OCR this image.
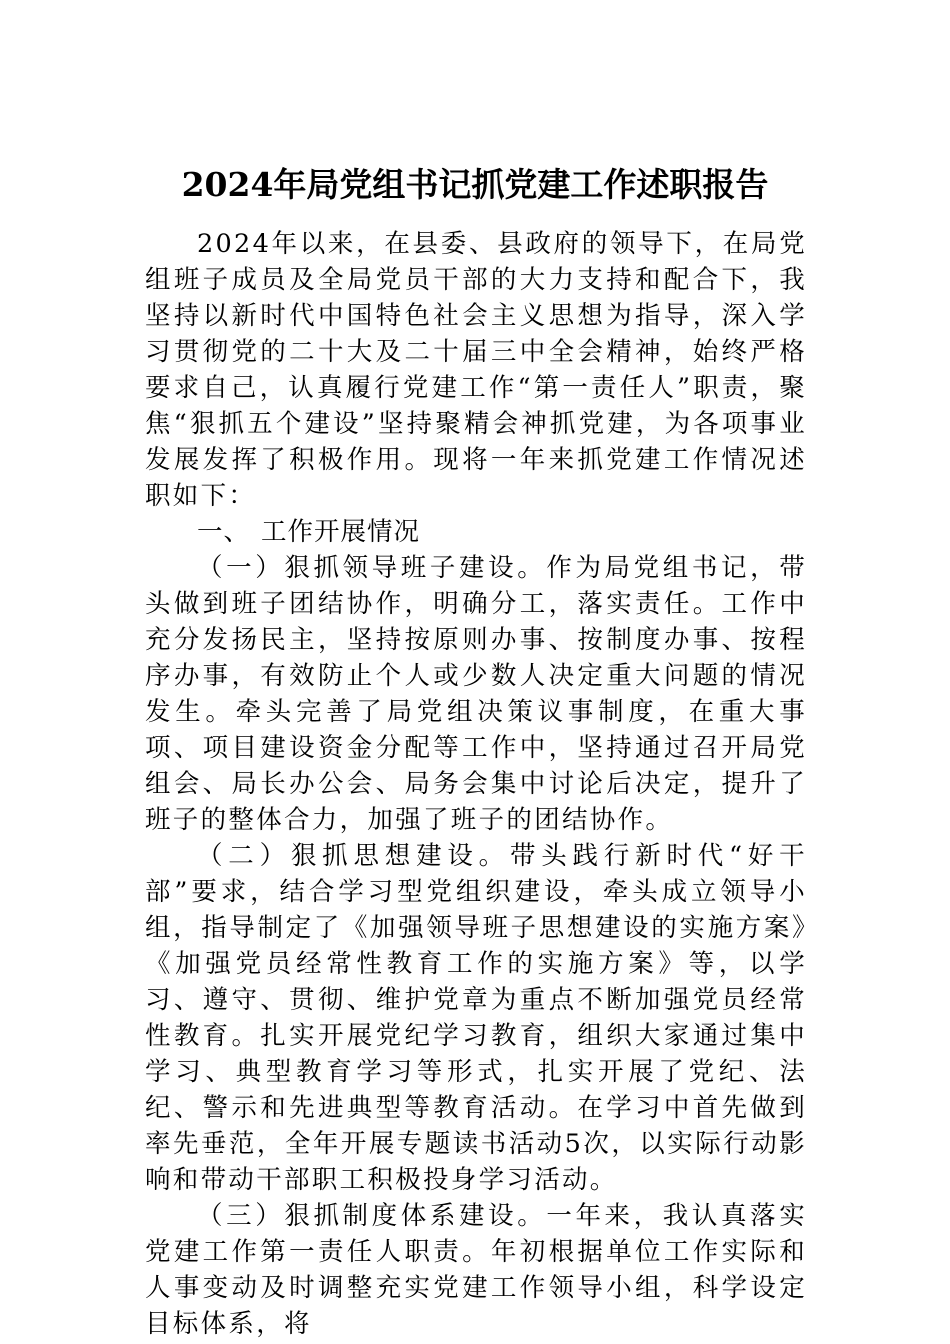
2024年局党组书记抓党建工作述职报告

2024年以来，在县委、县政府的领导下，在局党组班子成员及全局党员干部的大力支持和配合下，我坚持以新时代中国特色社会主义思想为指导，深入学习贯彻党的二十大及二十届三中全会精神，始终严格要求自己，认真履行党建工作“第一责任人”职责，聚焦“狠抓五个建设”坚持聚精会神抓党建，为各项事业发展发挥了积极作用。现将一年来抓党建工作情况述职如下：

一、 工作开展情况

（一）狠抓领导班子建设。作为局党组书记，带头做到班子团结协作，明确分工，落实责任。工作中充分发扬民主，坚持按原则办事、按制度办事、按程序办事，有效防止个人或少数人决定重大问题的情况发生。牵头完善了局党组决策议事制度，在重大事项、项目建设资金分配等工作中，坚持通过召开局党组会、局长办公会、局务会集中讨论后决定，提升了班子的整体合力，加强了班子的团结协作。

（二）狠抓思想建设。带头践行新时代“好干部”要求，结合学习型党组织建设，牵头成立领导小组，指导制定了《加强领导班子思想建设的实施方案》《加强党员经常性教育工作的实施方案》等，以学习、遵守、贯彻、维护党章为重点不断加强党员经常性教育。扎实开展党纪学习教育，组织大家通过集中学习、典型教育学习等形式，扎实开展了党纪、法纪、警示和先进典型等教育活动。在学习中首先做到率先垂范，全年开展专题读书活动5次，以实际行动影响和带动干部职工积极投身学习活动。

（三）狠抓制度体系建设。一年来，我认真落实党建工作第一责任人职责。年初根据单位工作实际和人事变动及时调整充实党建工作领导小组，科学设定目标体系，将
